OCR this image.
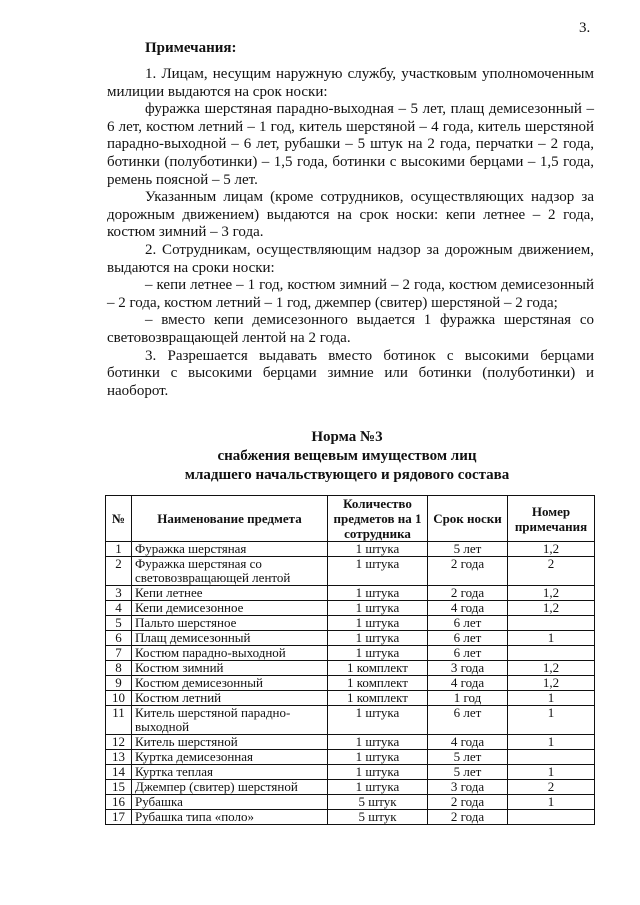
3.
Примечания:

1. Лицам, несущим наружную службу, участковым уполномоченным милиции выдаются на срок носки:

фуражка шерстяная парадно-выходная – 5 лет, плащ демисезонный – 6 лет, костюм летний – 1 год, китель шерстяной – 4 года, китель шерстяной парадно-выходной – 6 лет, рубашки – 5 штук на 2 года, перчатки – 2 года, ботинки (полуботинки) – 1,5 года, ботинки с высокими берцами – 1,5 года, ремень поясной – 5 лет.

Указанным лицам (кроме сотрудников, осуществляющих надзор за дорожным движением) выдаются на срок носки: кепи летнее – 2 года, костюм зимний – 3 года.

2. Сотрудникам, осуществляющим надзор за дорожным движением, выдаются на сроки носки:

– кепи летнее – 1 год, костюм зимний – 2 года, костюм демисезонный – 2 года, костюм летний – 1 год, джемпер (свитер) шерстяной – 2 года;

– вместо кепи демисезонного выдается 1 фуражка шерстяная со световозвращающей лентой на 2 года.

3. Разрешается выдавать вместо ботинок с высокими берцами ботинки с высокими берцами зимние или ботинки (полуботинки) и наоборот.

Норма №3
снабжения вещевым имуществом лиц
младшего начальствующего и рядового состава
№	Наименование предмета	Количество предметов на 1 сотрудника	Срок носки	Номер примечания
1	Фуражка шерстяная	1 штука	5 лет	1,2
2	Фуражка шерстяная со световозвращающей лентой	1 штука	2 года	2
3	Кепи летнее	1 штука	2 года	1,2
4	Кепи демисезонное	1 штука	4 года	1,2
5	Пальто шерстяное	1 штука	6 лет	
6	Плащ демисезонный	1 штука	6 лет	1
7	Костюм парадно-выходной	1 штука	6 лет	
8	Костюм зимний	1 комплект	3 года	1,2
9	Костюм демисезонный	1 комплект	4 года	1,2
10	Костюм летний	1 комплект	1 год	1
11	Китель шерстяной парадно-выходной	1 штука	6 лет	1
12	Китель шерстяной	1 штука	4 года	1
13	Куртка демисезонная	1 штука	5 лет	
14	Куртка теплая	1 штука	5 лет	1
15	Джемпер (свитер) шерстяной	1 штука	3 года	2
16	Рубашка	5 штук	2 года	1
17	Рубашка типа «поло»	5 штук	2 года	
